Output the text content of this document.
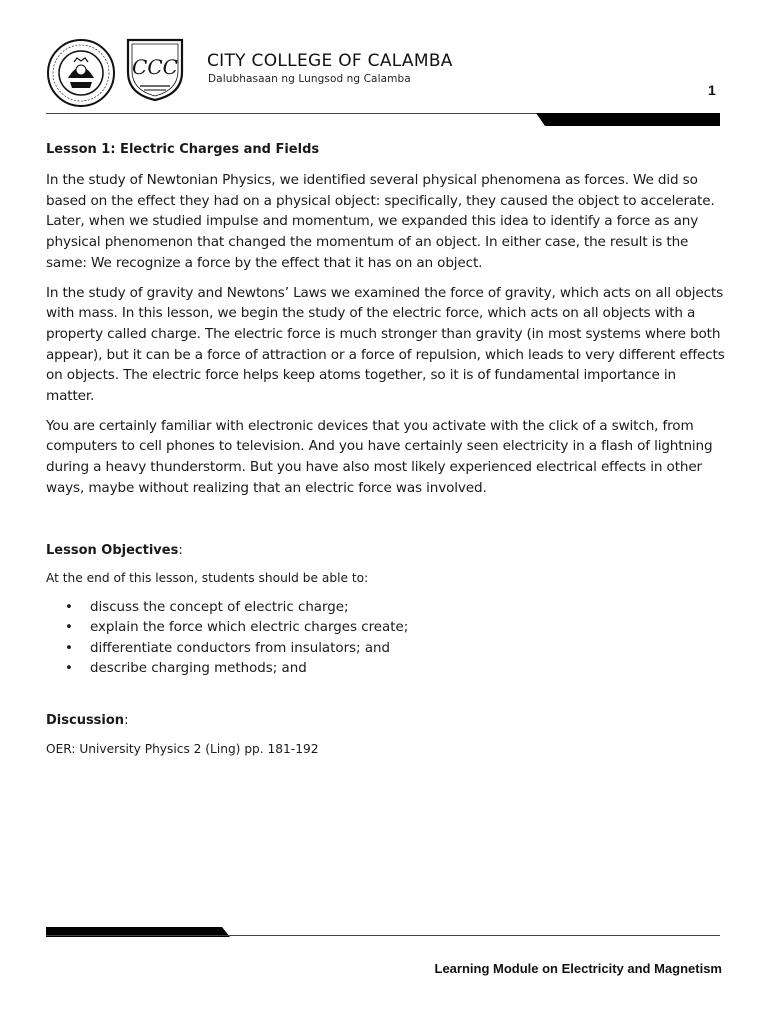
CCC CITY COLLEGE OF CALAMBA
Dalubhasaan ng Lungsod ng Calamba
1

Lesson 1: Electric Charges and Fields

In the study of Newtonian Physics, we identified several physical phenomena as forces. We did so based on the effect they had on a physical object: specifically, they caused the object to accelerate. Later, when we studied impulse and momentum, we expanded this idea to identify a force as any physical phenomenon that changed the momentum of an object. In either case, the result is the same: We recognize a force by the effect that it has on an object.

In the study of gravity and Newtons’ Laws we examined the force of gravity, which acts on all objects with mass. In this lesson, we begin the study of the electric force, which acts on all objects with a property called charge. The electric force is much stronger than gravity (in most systems where both appear), but it can be a force of attraction or a force of repulsion, which leads to very different effects on objects. The electric force helps keep atoms together, so it is of fundamental importance in matter.

You are certainly familiar with electronic devices that you activate with the click of a switch, from computers to cell phones to television. And you have certainly seen electricity in a flash of lightning during a heavy thunderstorm. But you have also most likely experienced electrical effects in other ways, maybe without realizing that an electric force was involved.

Lesson Objectives:

At the end of this lesson, students should be able to:

• discuss the concept of electric charge;
• explain the force which electric charges create;
• differentiate conductors from insulators; and
• describe charging methods; and

Discussion:

OER: University Physics 2 (Ling) pp. 181-192

Learning Module on Electricity and Magnetism
